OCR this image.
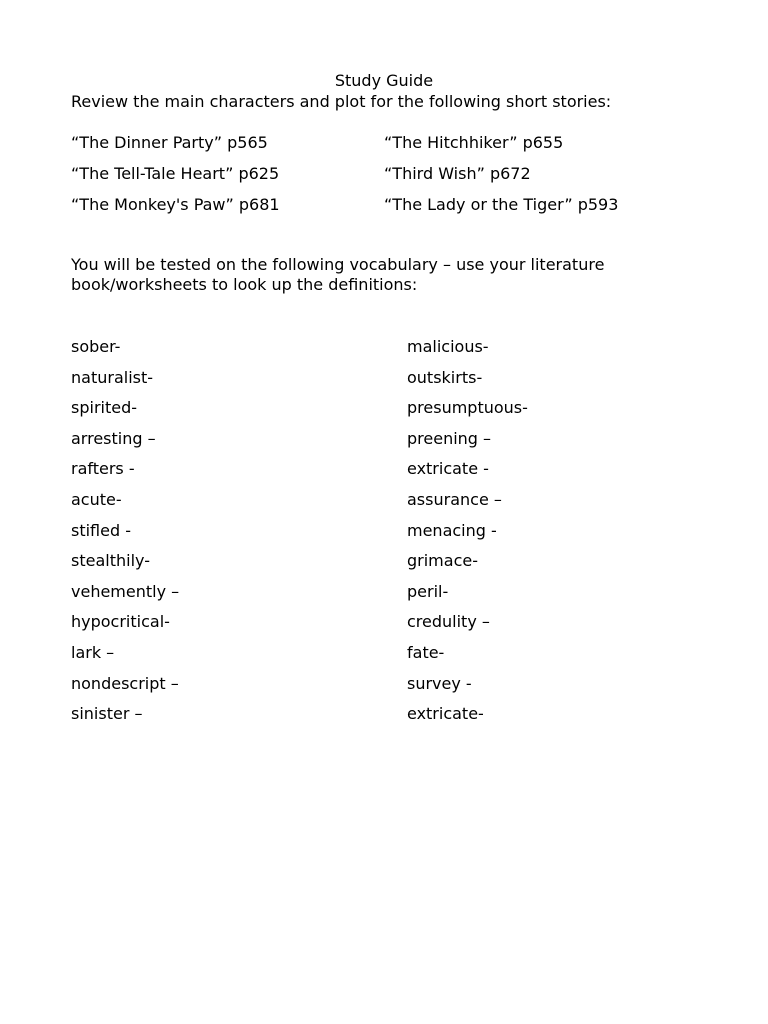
Study Guide
Review the main characters and plot for the following short stories:
“The Dinner Party” p565	“The Hitchhiker” p655
“The Tell-Tale Heart” p625	“Third Wish” p672
“The Monkey's Paw” p681	“The Lady or the Tiger” p593
You will be tested on the following vocabulary – use your literature
book/worksheets to look up the definitions:
sober-	malicious-
naturalist-	outskirts-
spirited-	presumptuous-
arresting –	preening –
rafters -	extricate -
acute-	assurance –
stifled -	menacing -
stealthily-	grimace-
vehemently –	peril-
hypocritical-	credulity –
lark –	fate-
nondescript –	survey -
sinister –	extricate-
